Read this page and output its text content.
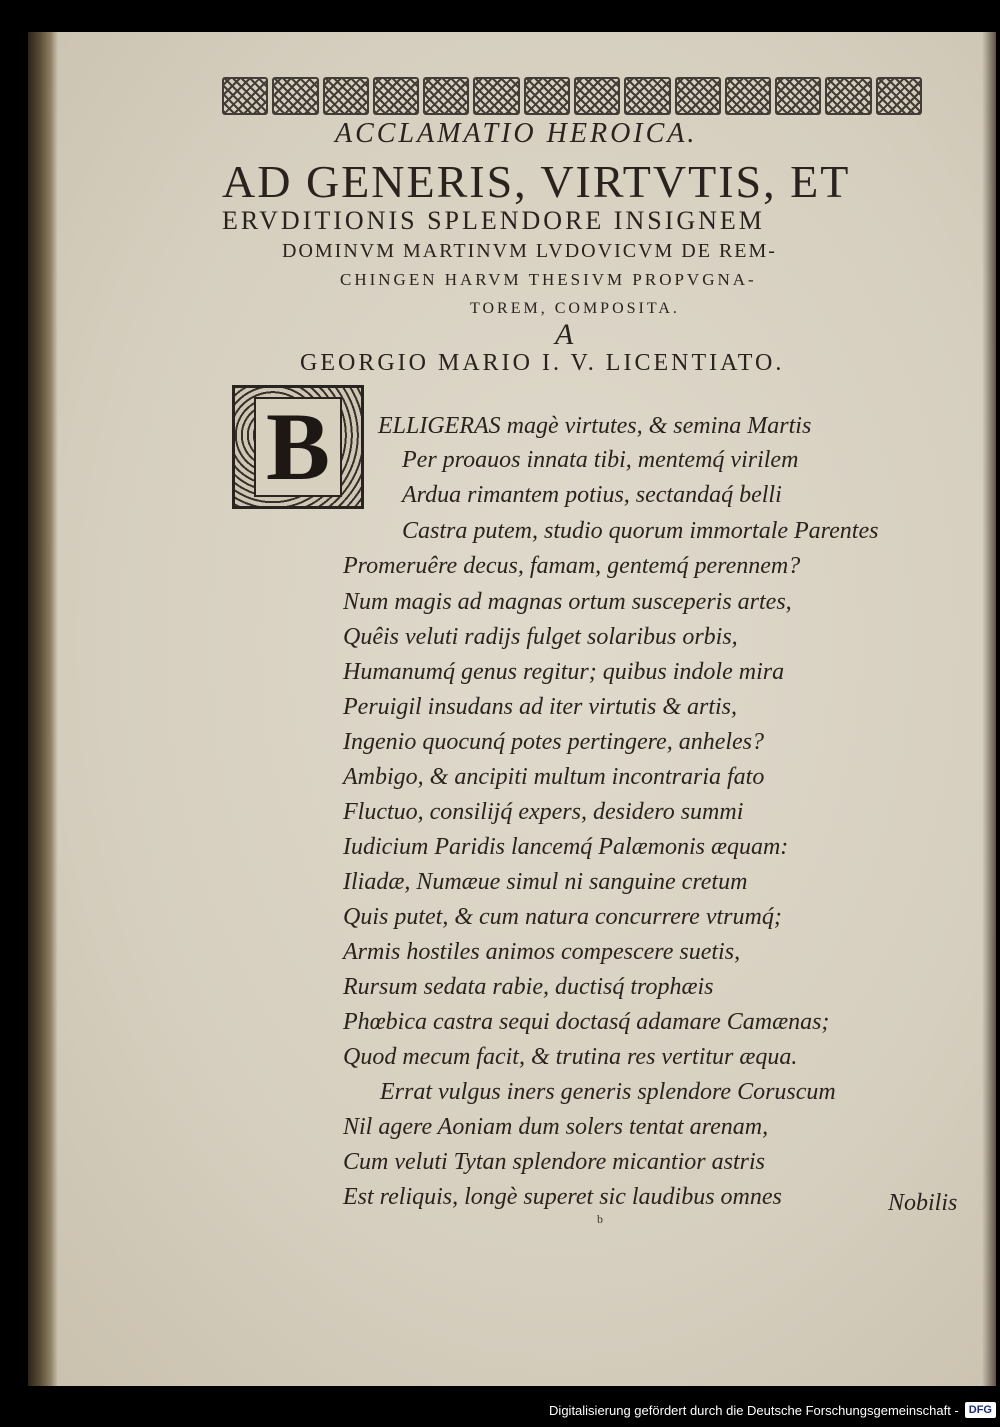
ACCLAMATIO HEROICA.
AD GENERIS, VIRTVTIS, ET
ERVDITIONIS SPLENDORE INSIGNEM
DOMINVM MARTINVM LVDOVICVM DE REM-
CHINGEN HARVM THESIVM PROPVGNA-
TOREM, COMPOSITA.
A
GEORGIO MARIO I. V. LICENTIATO.
B	ELLIGERAS magè virtutes, & semina Martis
Per proauos innata tibi, mentemq́ virilem
Ardua rimantem potius, sectandaq́ belli
Castra putem, studio quorum immortale Parentes
Promeruêre decus, famam, gentemq́ perennem?
Num magis ad magnas ortum susceperis artes,
Quêis veluti radijs fulget solaribus orbis,
Humanumq́ genus regitur; quibus indole mira
Peruigil insudans ad iter virtutis & artis,
Ingenio quocunq́ potes pertingere, anheles?
Ambigo, & ancipiti multum incontraria fato
Fluctuo, consilijq́ expers, desidero summi
Iudicium Paridis lancemq́ Palæmonis æquam:
Iliadæ, Numæue simul ni sanguine cretum
Quis putet, & cum natura concurrere vtrumq́;
Armis hostiles animos compescere suetis,
Rursum sedata rabie, ductisq́ trophæis
Phœbica castra sequi doctasq́ adamare Camænas;
Quod mecum facit, & trutina res vertitur æqua.
Errat vulgus iners generis splendore Coruscum
Nil agere Aoniam dum solers tentat arenam,
Cum veluti Tytan splendore micantior astris
Est reliquis, longè superet sic laudibus omnes	Nobilis
b
Digitalisierung gefördert durch die Deutsche Forschungsgemeinschaft - DFG
